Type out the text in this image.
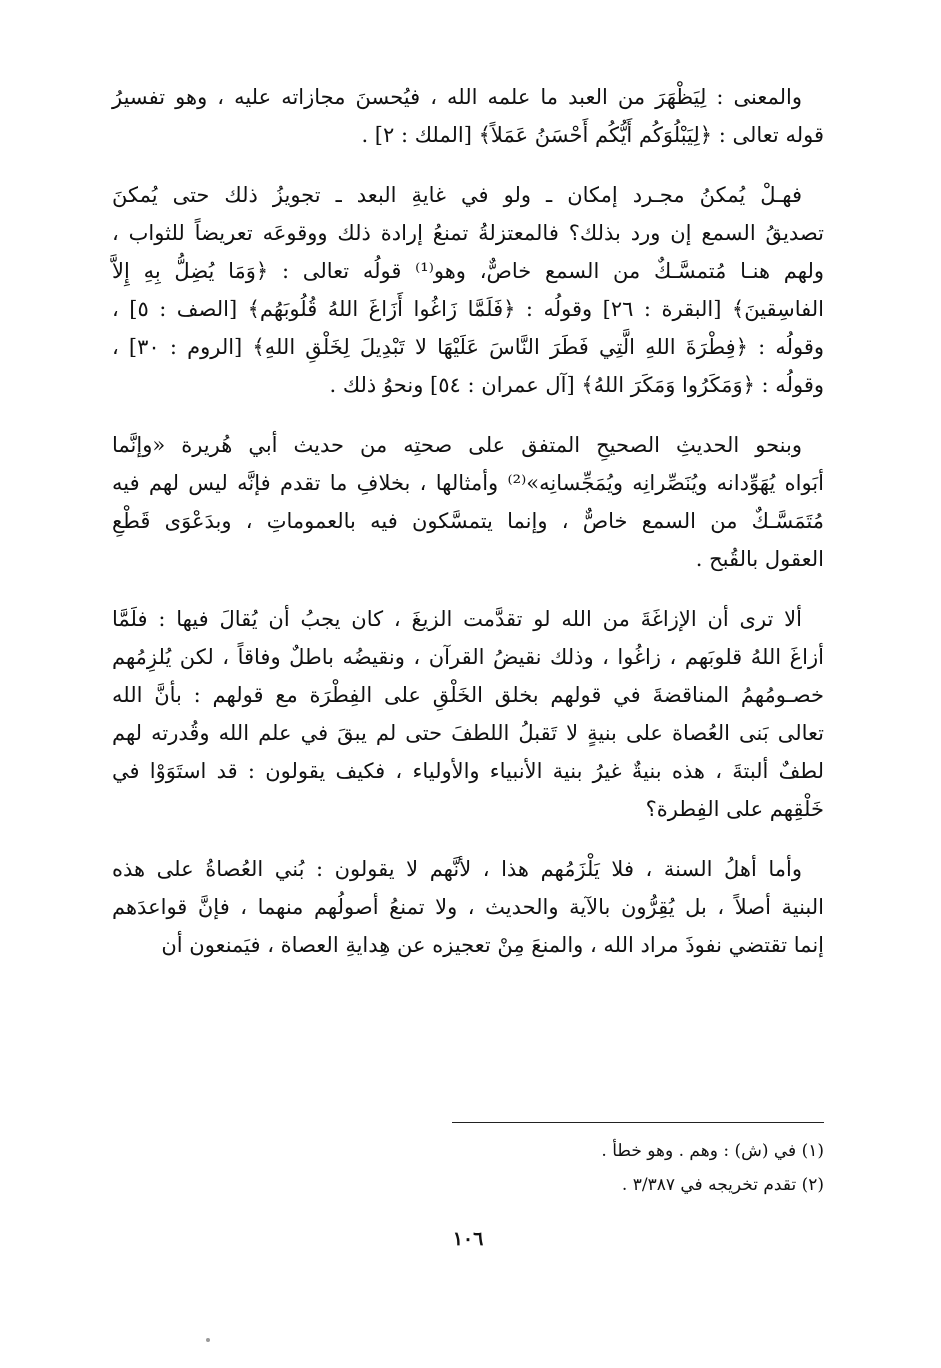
والمعنى : لِيَظْهَرَ من العبد ما علمه الله ، فيُحسنَ مجازاته عليه ، وهو تفسيرُ
قوله تعالى : ﴿لِيَبْلُوَكُم أَيُّكُم أَحْسَنُ عَمَلاً﴾ [الملك : ٢] .

فهـلْ يُمكنُ مجـرد إمكان ـ ولو في غايةِ البعد ـ تجويزُ ذلك حتى يُمكنَ
تصديقُ السمع إن ورد بذلك؟ فالمعتزلةُ تمنعُ إرادة ذلك ووقوعَه تعريضاً للثواب ،
ولهم هنـا مُتمسَّـكٌ من السمع خاصٌّ، وهو⁽¹⁾ قولُه تعالى : ﴿وَمَا يُضِلُّ بِهِ إِلاَّ
الفاسِقينَ﴾ [البقرة : ٢٦] وقولُه : ﴿فَلَمَّا زَاغُوا أَزَاغَ اللهُ قُلُوبَهُم﴾ [الصف : ٥] ،
وقولُه : ﴿فِطْرَةَ اللهِ الَّتِي فَطَرَ النَّاسَ عَلَيْهَا لا تَبْدِيلَ لِخَلْقِ اللهِ﴾ [الروم : ٣٠] ،
وقولُه : ﴿وَمَكَرُوا وَمَكَرَ اللهُ﴾ [آل عمران : ٥٤] ونحوُ ذلك .

وبنحو الحديثِ الصحيحِ المتفق على صحتِه من حديث أبي هُريرة «وإنَّما
أبَواه يُهَوِّدانه ويُنَصِّرانِه ويُمَجِّسانِه»⁽²⁾ وأمثالها ، بخلافِ ما تقدم فإنَّه ليس لهم فيه
مُتَمَسَّـكٌ من السمع خاصٌّ ، وإنما يتمسَّكون فيه بالعموماتِ ، وبدَعْوَى قَطْعِ
العقول بالقُبح .

ألا ترى أن الإزاغَةَ من الله لو تقدَّمت الزيغَ ، كان يجبُ أن يُقالَ فيها : فلَمَّا
أزاغَ اللهُ قلوبَهم ، زاغُوا ، وذلك نقيضُ القرآن ، ونقيضُه باطلٌ وفاقاً ، لكن يُلزِمُهم
خصـومُهمُ المناقضةَ في قولهم بخلق الخَلْقِ على الفِطْرَة مع قولهم : بأنَّ الله
تعالى بَنى العُصاة على بنيةٍ لا تَقبلُ اللطفَ حتى لم يبقَ في علم الله وقُدرته لهم
لطفٌ ألبتةَ ، هذه بنيةٌ غيرُ بنية الأنبياء والأولياء ، فكيف يقولون : قد استَوَوْا في
خَلْقِهم على الفِطرة؟

وأما أهلُ السنة ، فلا يَلْزَمُهم هذا ، لأنَّهم لا يقولون : بُني العُصاةُ على هذه
البنية أصلاً ، بل يُقِرُّون بالآية والحديث ، ولا تمنعُ أصولُهم منهما ، فإنَّ قواعدَهم
إنما تقتضي نفوذَ مراد الله ، والمنعَ مِنْ تعجيزه عن هِدايةِ العصاة ، فيَمنعون أن

(١) في (ش) : وهم . وهو خطأ .
(٢) تقدم تخريجه في ٣/٣٨٧ .
١٠٦
